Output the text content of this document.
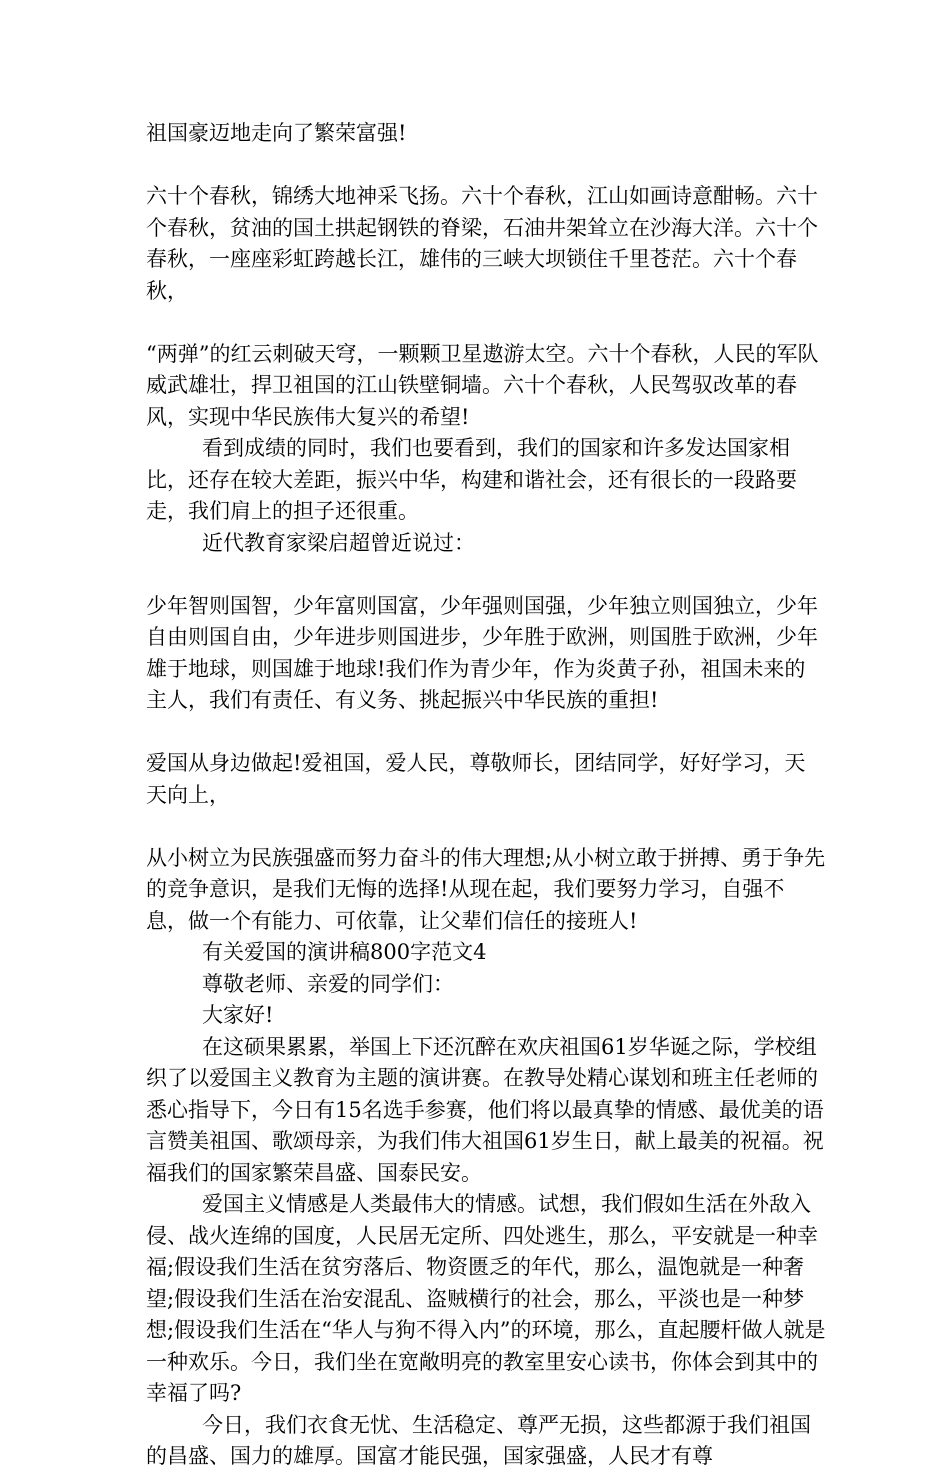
祖国豪迈地走向了繁荣富强!

六十个春秋，锦绣大地神采飞扬。六十个春秋，江山如画诗意酣畅。六十个春秋，贫油的国土拱起钢铁的脊梁，石油井架耸立在沙海大洋。六十个春秋，一座座彩虹跨越长江，雄伟的三峡大坝锁住千里苍茫。六十个春秋，

“两弹”的红云刺破天穹，一颗颗卫星遨游太空。六十个春秋，人民的军队威武雄壮，捍卫祖国的江山铁壁铜墙。六十个春秋，人民驾驭改革的春风，实现中华民族伟大复兴的希望!

看到成绩的同时，我们也要看到，我们的国家和许多发达国家相比，还存在较大差距，振兴中华，构建和谐社会，还有很长的一段路要走，我们肩上的担子还很重。

近代教育家梁启超曾近说过：

少年智则国智，少年富则国富，少年强则国强，少年独立则国独立，少年自由则国自由，少年进步则国进步，少年胜于欧洲，则国胜于欧洲，少年雄于地球，则国雄于地球!我们作为青少年，作为炎黄子孙，祖国未来的主人，我们有责任、有义务、挑起振兴中华民族的重担!

爱国从身边做起!爱祖国，爱人民，尊敬师长，团结同学，好好学习，天天向上，

从小树立为民族强盛而努力奋斗的伟大理想;从小树立敢于拼搏、勇于争先的竞争意识，是我们无悔的选择!从现在起，我们要努力学习，自强不息，做一个有能力、可依靠，让父辈们信任的接班人!

有关爱国的演讲稿800字范文4

尊敬老师、亲爱的同学们：

大家好!

在这硕果累累，举国上下还沉醉在欢庆祖国61岁华诞之际，学校组织了以爱国主义教育为主题的演讲赛。在教导处精心谋划和班主任老师的悉心指导下，今日有15名选手参赛，他们将以最真挚的情感、最优美的语言赞美祖国、歌颂母亲，为我们伟大祖国61岁生日，献上最美的祝福。祝福我们的国家繁荣昌盛、国泰民安。

爱国主义情感是人类最伟大的情感。试想，我们假如生活在外敌入侵、战火连绵的国度，人民居无定所、四处逃生，那么，平安就是一种幸福;假设我们生活在贫穷落后、物资匮乏的年代，那么，温饱就是一种奢望;假设我们生活在治安混乱、盗贼横行的社会，那么，平淡也是一种梦想;假设我们生活在“华人与狗不得入内”的环境，那么，直起腰杆做人就是一种欢乐。今日，我们坐在宽敞明亮的教室里安心读书，你体会到其中的幸福了吗?

今日，我们衣食无忧、生活稳定、尊严无损，这些都源于我们祖国的昌盛、国力的雄厚。国富才能民强，国家强盛，人民才有尊
